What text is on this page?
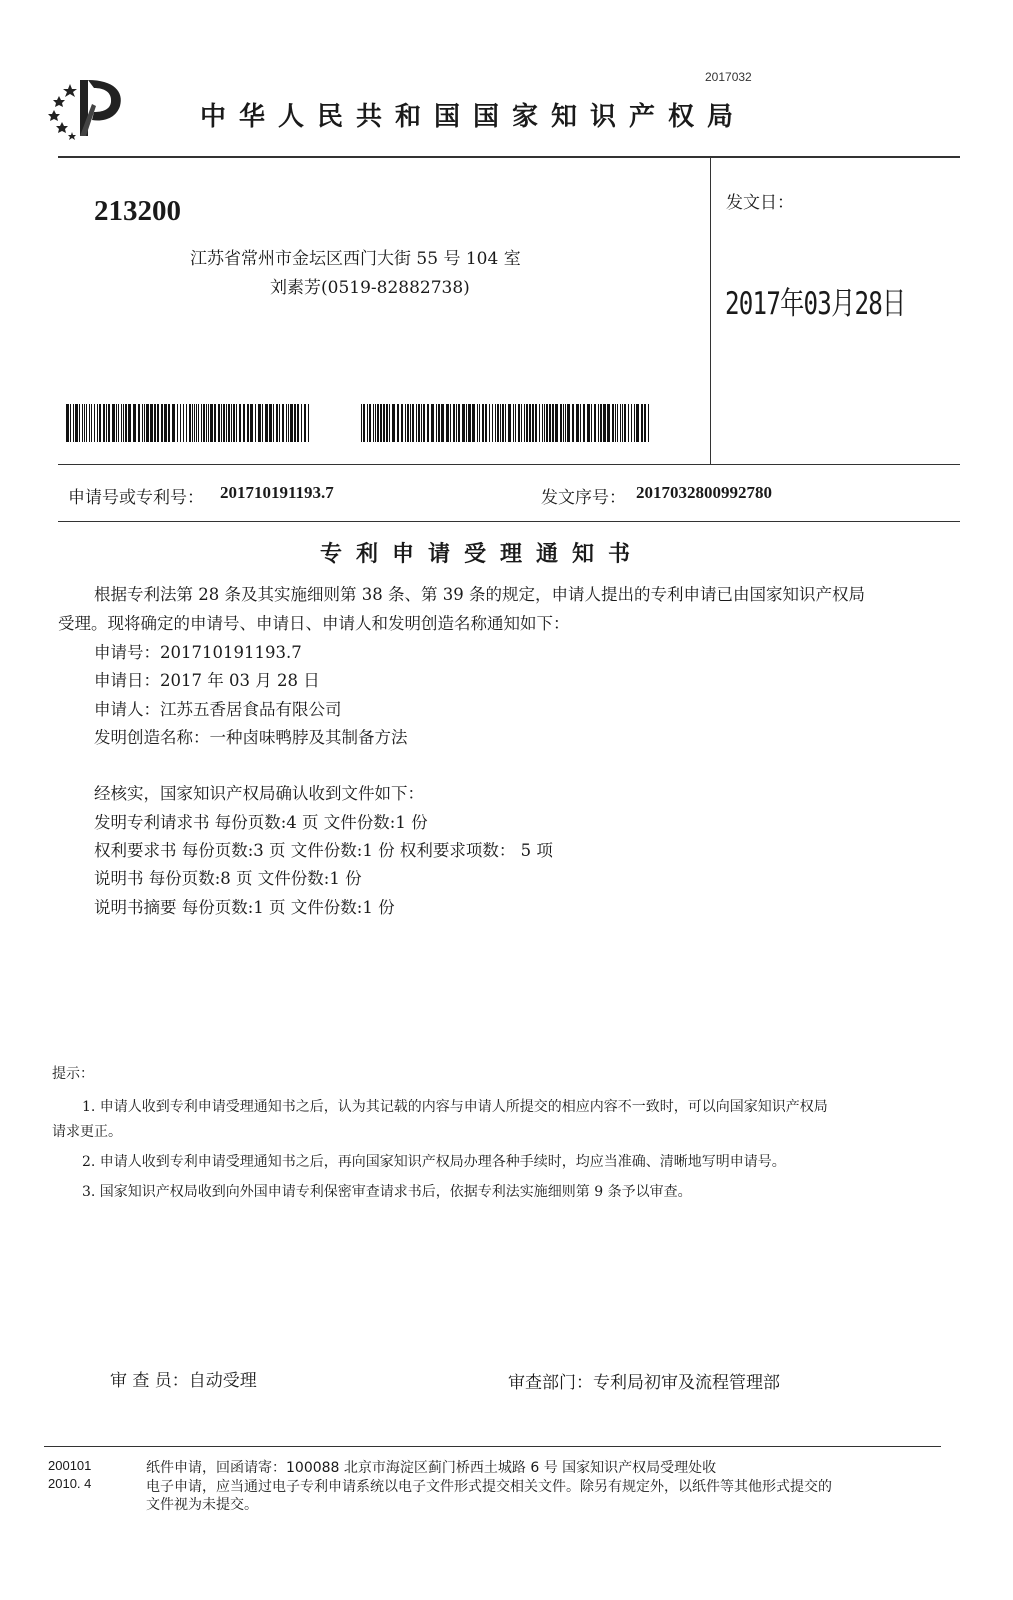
2017032
中华人民共和国国家知识产权局
213200
江苏省常州市金坛区西门大街 55 号 104 室
刘素芳(0519-82882738)
发文日：
2017年03月28日
申请号或专利号： 201710191193.7	发文序号： 2017032800992780
专利申请受理通知书
根据专利法第 28 条及其实施细则第 38 条、第 39 条的规定，申请人提出的专利申请已由国家知识产权局
受理。现将确定的申请号、申请日、申请人和发明创造名称通知如下：
申请号：201710191193.7
申请日：2017 年 03 月 28 日
申请人：江苏五香居食品有限公司
发明创造名称：一种卤味鸭脖及其制备方法
经核实，国家知识产权局确认收到文件如下：
发明专利请求书 每份页数:4 页 文件份数:1 份
权利要求书 每份页数:3 页 文件份数:1 份 权利要求项数： 5 项
说明书 每份页数:8 页 文件份数:1 份
说明书摘要 每份页数:1 页 文件份数:1 份
提示：
1. 申请人收到专利申请受理通知书之后，认为其记载的内容与申请人所提交的相应内容不一致时，可以向国家知识产权局
请求更正。
2. 申请人收到专利申请受理通知书之后，再向国家知识产权局办理各种手续时，均应当准确、清晰地写明申请号。
3. 国家知识产权局收到向外国申请专利保密审查请求书后，依据专利法实施细则第 9 条予以审查。
审 查 员：自动受理	审查部门：专利局初审及流程管理部
200101
2010. 4
纸件申请，回函请寄：100088 北京市海淀区蓟门桥西土城路 6 号 国家知识产权局受理处收
电子申请，应当通过电子专利申请系统以电子文件形式提交相关文件。除另有规定外，以纸件等其他形式提交的
文件视为未提交。
